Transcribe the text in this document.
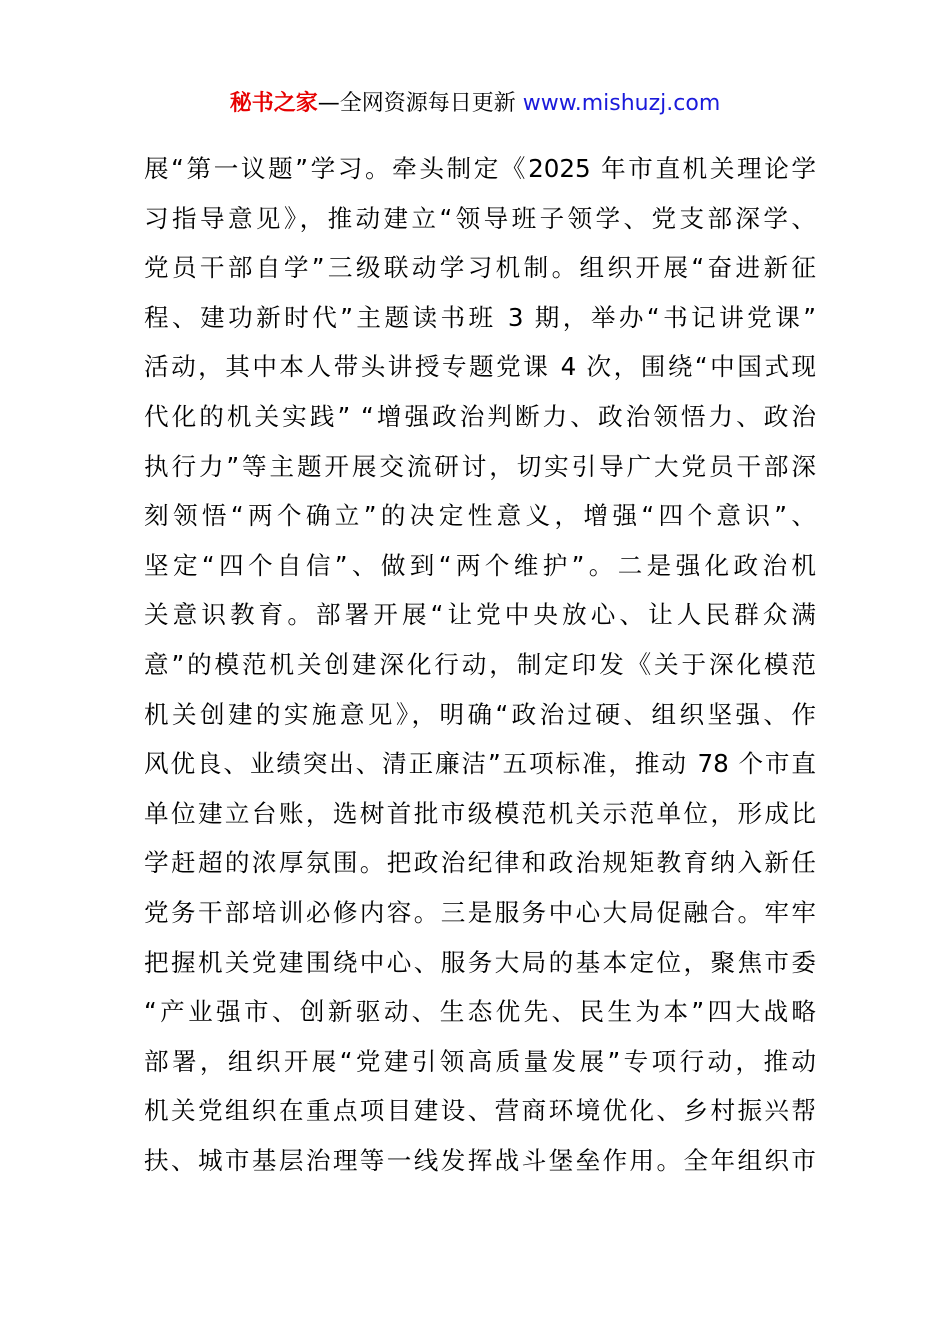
秘书之家—全网资源每日更新 www.mishuzj.com
展“第一议题”学习。牵头制定《2025 年市直机关理论学
习指导意见》，推动建立“领导班子领学、党支部深学、
党员干部自学”三级联动学习机制。组织开展“奋进新征
程、建功新时代”主题读书班 3 期，举办“书记讲党课”
活动，其中本人带头讲授专题党课 4 次，围绕“中国式现
代化的机关实践” “增强政治判断力、政治领悟力、政治
执行力”等主题开展交流研讨，切实引导广大党员干部深
刻领悟“两个确立”的决定性意义，增强“四个意识”、
坚定“四个自信”、做到“两个维护”。二是强化政治机
关意识教育。部署开展“让党中央放心、让人民群众满
意”的模范机关创建深化行动，制定印发《关于深化模范
机关创建的实施意见》，明确“政治过硬、组织坚强、作
风优良、业绩突出、清正廉洁”五项标准，推动 78 个市直
单位建立台账，选树首批市级模范机关示范单位，形成比
学赶超的浓厚氛围。把政治纪律和政治规矩教育纳入新任
党务干部培训必修内容。三是服务中心大局促融合。牢牢
把握机关党建围绕中心、服务大局的基本定位，聚焦市委
“产业强市、创新驱动、生态优先、民生为本”四大战略
部署，组织开展“党建引领高质量发展”专项行动，推动
机关党组织在重点项目建设、营商环境优化、乡村振兴帮
扶、城市基层治理等一线发挥战斗堡垒作用。全年组织市
